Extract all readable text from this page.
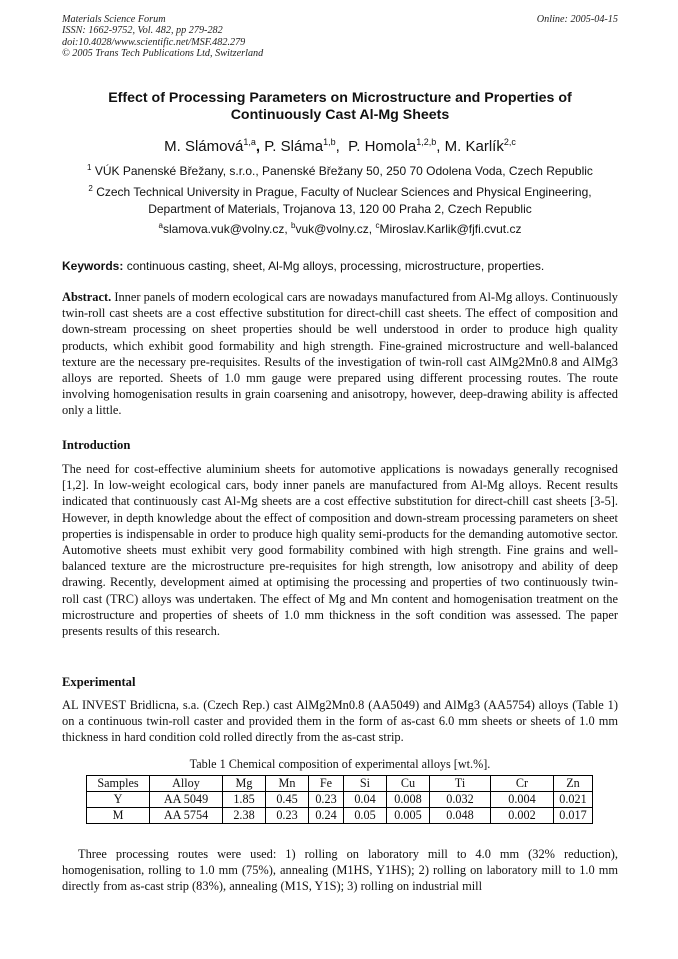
Materials Science Forum
ISSN: 1662-9752, Vol. 482, pp 279-282
doi:10.4028/www.scientific.net/MSF.482.279
© 2005 Trans Tech Publications Ltd, Switzerland
Online: 2005-04-15
Effect of Processing Parameters on Microstructure and Properties of
Continuously Cast Al-Mg Sheets
M. Slámová$^{1,a}$, P. Sláma$^{1,b}$,  P. Homola$^{1,2,b}$, M. Karlík$^{2,c}$
$^1$ VÚK Panenské Břežany, s.r.o., Panenské Břežany 50, 250 70 Odolena Voda, Czech Republic
$^2$ Czech Technical University in Prague, Faculty of Nuclear Sciences and Physical Engineering,
Department of Materials, Trojanova 13, 120 00 Praha 2, Czech Republic
$^a$slamova.vuk@volny.cz, $^b$vuk@volny.cz, $^c$Miroslav.Karlik@fjfi.cvut.cz
Keywords: continuous casting, sheet, Al-Mg alloys, processing, microstructure, properties.
Abstract. Inner panels of modern ecological cars are nowadays manufactured from Al-Mg alloys. Continuously twin-roll cast sheets are a cost effective substitution for direct-chill cast sheets. The effect of composition and down-stream processing on sheet properties should be well understood in order to produce high quality products, which exhibit good formability and high strength. Fine-grained microstructure and well-balanced texture are the necessary pre-requisites. Results of the investigation of twin-roll cast AlMg2Mn0.8 and AlMg3 alloys are reported. Sheets of 1.0 mm gauge were prepared using different processing routes. The route involving homogenisation results in grain coarsening and anisotropy, however, deep-drawing ability is affected only a little.
Introduction
The need for cost-effective aluminium sheets for automotive applications is nowadays generally recognised [1,2]. In low-weight ecological cars, body inner panels are manufactured from Al-Mg alloys. Recent results indicated that continuously cast Al-Mg sheets are a cost effective substitution for direct-chill cast sheets [3-5]. However, in depth knowledge about the effect of composition and down-stream processing parameters on sheet properties is indispensable in order to produce high quality semi-products for the demanding automotive sector. Automotive sheets must exhibit very good formability combined with high strength. Fine grains and well-balanced texture are the microstructure pre-requisites for high strength, low anisotropy and ability of deep drawing. Recently, development aimed at optimising the processing and properties of two continuously twin-roll cast (TRC) alloys was undertaken. The effect of Mg and Mn content and homogenisation treatment on the microstructure and properties of sheets of 1.0 mm thickness in the soft condition was assessed. The paper presents results of this research.
Experimental
AL INVEST Bridlicna, s.a. (Czech Rep.) cast AlMg2Mn0.8 (AA5049) and AlMg3 (AA5754) alloys (Table 1) on a continuous twin-roll caster and provided them in the form of as-cast 6.0 mm sheets or sheets of 1.0 mm thickness in hard condition cold rolled directly from the as-cast strip.
Table 1 Chemical composition of experimental alloys [wt.%].
Samples	Alloy	Mg	Mn	Fe	Si	Cu	Ti	Cr	Zn
Y	AA 5049	1.85	0.45	0.23	0.04	0.008	0.032	0.004	0.021
M	AA 5754	2.38	0.23	0.24	0.05	0.005	0.048	0.002	0.017
Three processing routes were used: 1) rolling on laboratory mill to 4.0 mm (32% reduction), homogenisation, rolling to 1.0 mm (75%), annealing (M1HS, Y1HS); 2) rolling on laboratory mill to 1.0 mm directly from as-cast strip (83%), annealing (M1S, Y1S); 3) rolling on industrial mill
